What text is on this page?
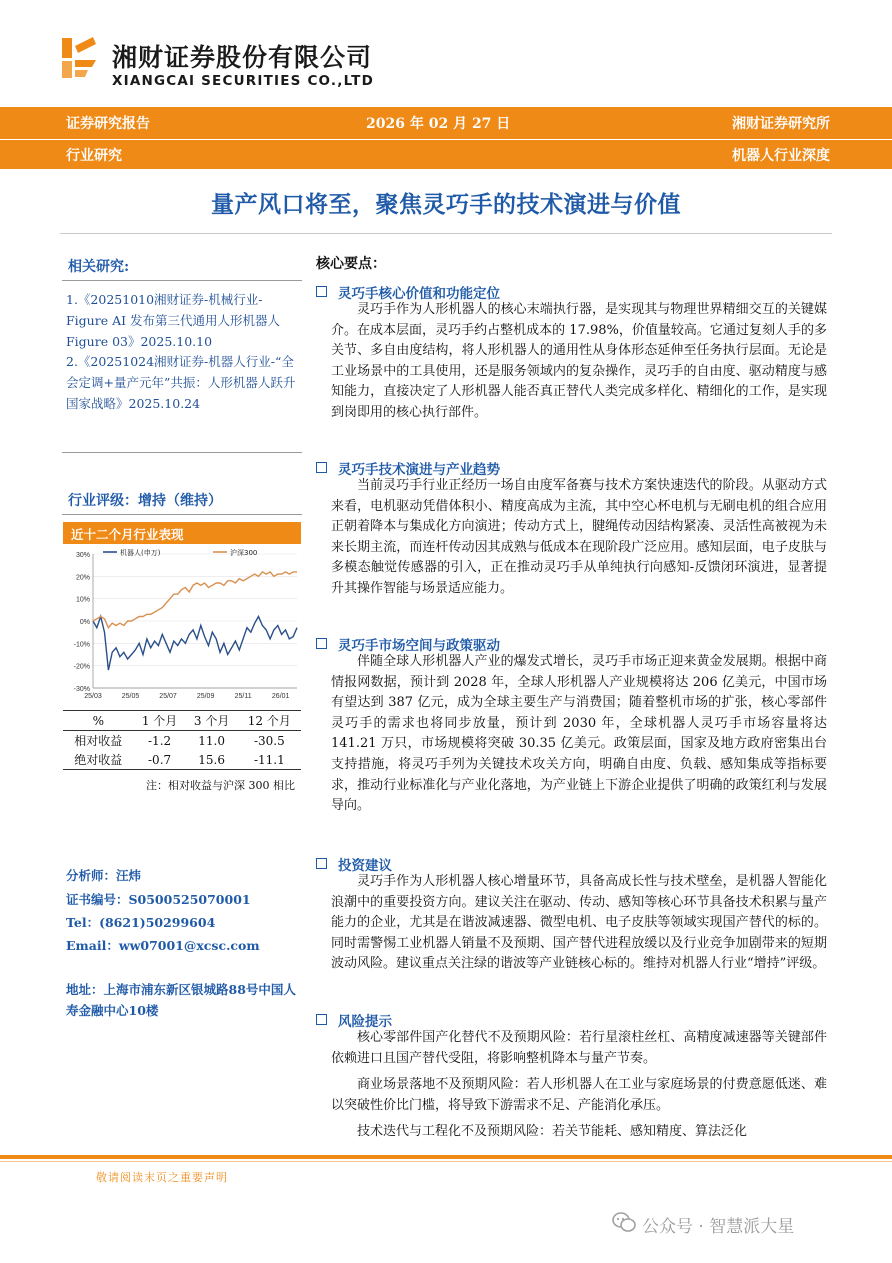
湘财证券股份有限公司
XIANGCAI SECURITIES CO.,LTD
证券研究报告	2026 年 02 月 27 日	湘财证券研究所
行业研究	机器人行业深度
量产风口将至，聚焦灵巧手的技术演进与价值
相关研究:

1.《20251010湘财证券-机械行业-Figure AI 发布第三代通用人形机器人 Figure 03》2025.10.10

2.《20251024湘财证券-机器人行业-“全会定调+量产元年”共振：人形机器人跃升国家战略》2025.10.24

行业评级：增持（维持）
近十二个月行业表现
30%
20%
10%
0%
-10%
-20%
-30%
25/03	25/05	25/07	25/09	25/11	26/01
机器人(申万)	沪深300
%	1 个月	3 个月	12 个月
相对收益	-1.2	11.0	-30.5
绝对收益	-0.7	15.6	-11.1
注：相对收益与沪深 300 相比
分析师：汪炜
证书编号：S0500525070001
Tel：(8621)50299604
Email：ww07001@xcsc.com
地址：上海市浦东新区银城路88号中国人寿金融中心10楼
核心要点：
灵巧手核心价值和功能定位

灵巧手作为人形机器人的核心末端执行器，是实现其与物理世界精细交互的关键媒介。在成本层面，灵巧手约占整机成本的 17.98%，价值量较高。它通过复刻人手的多关节、多自由度结构，将人形机器人的通用性从身体形态延伸至任务执行层面。无论是工业场景中的工具使用，还是服务领域内的复杂操作，灵巧手的自由度、驱动精度与感知能力，直接决定了人形机器人能否真正替代人类完成多样化、精细化的工作，是实现到岗即用的核心执行部件。

灵巧手技术演进与产业趋势

当前灵巧手行业正经历一场自由度军备赛与技术方案快速迭代的阶段。从驱动方式来看，电机驱动凭借体积小、精度高成为主流，其中空心杯电机与无刷电机的组合应用正朝着降本与集成化方向演进；传动方式上，腱绳传动因结构紧凑、灵活性高被视为未来长期主流，而连杆传动因其成熟与低成本在现阶段广泛应用。感知层面，电子皮肤与多模态触觉传感器的引入，正在推动灵巧手从单纯执行向感知-反馈闭环演进，显著提升其操作智能与场景适应能力。

灵巧手市场空间与政策驱动

伴随全球人形机器人产业的爆发式增长，灵巧手市场正迎来黄金发展期。根据中商情报网数据，预计到 2028 年，全球人形机器人产业规模将达 206 亿美元，中国市场有望达到 387 亿元，成为全球主要生产与消费国；随着整机市场的扩张，核心零部件灵巧手的需求也将同步放量，预计到 2030 年，全球机器人灵巧手市场容量将达 141.21 万只，市场规模将突破 30.35 亿美元。政策层面，国家及地方政府密集出台支持措施，将灵巧手列为关键技术攻关方向，明确自由度、负载、感知集成等指标要求，推动行业标准化与产业化落地，为产业链上下游企业提供了明确的政策红利与发展导向。

投资建议

灵巧手作为人形机器人核心增量环节，具备高成长性与技术壁垒，是机器人智能化浪潮中的重要投资方向。建议关注在驱动、传动、感知等核心环节具备技术积累与量产能力的企业，尤其是在谐波减速器、微型电机、电子皮肤等领域实现国产替代的标的。同时需警惕工业机器人销量不及预期、国产替代进程放缓以及行业竞争加剧带来的短期波动风险。建议重点关注绿的谐波等产业链核心标的。维持对机器人行业“增持”评级。

风险提示

核心零部件国产化替代不及预期风险：若行星滚柱丝杠、高精度减速器等关键部件依赖进口且国产替代受阻，将影响整机降本与量产节奏。

商业场景落地不及预期风险：若人形机器人在工业与家庭场景的付费意愿低迷、难以突破性价比门槛，将导致下游需求不足、产能消化承压。

技术迭代与工程化不及预期风险：若关节能耗、感知精度、算法泛化

敬请阅读末页之重要声明
公众号 · 智慧派大星
